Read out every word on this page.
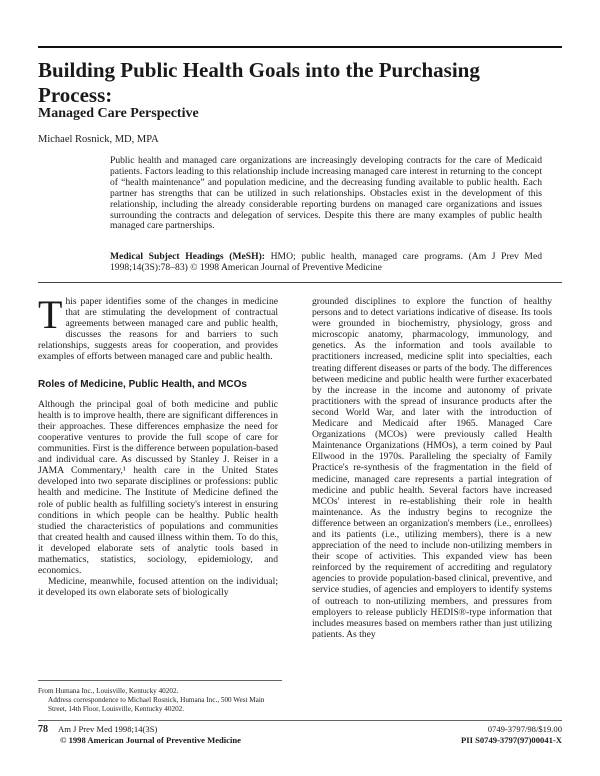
Building Public Health Goals into the Purchasing Process:
Managed Care Perspective
Michael Rosnick, MD, MPA

Public health and managed care organizations are increasingly developing contracts for the care of Medicaid patients. Factors leading to this relationship include increasing managed care interest in returning to the concept of “health maintenance” and population medicine, and the decreasing funding available to public health. Each partner has strengths that can be utilized in such relationships. Obstacles exist in the development of this relationship, including the already considerable reporting burdens on managed care organizations and issues surrounding the contracts and delegation of services. Despite this there are many examples of public health managed care partnerships.

Medical Subject Headings (MeSH): HMO; public health, managed care programs. (Am J Prev Med 1998;14(3S):78–83) © 1998 American Journal of Preventive Medicine

This paper identifies some of the changes in medicine that are stimulating the development of contractual agreements between managed care and public health, discusses the reasons for and barriers to such relationships, suggests areas for cooperation, and provides examples of efforts between managed care and public health.

Roles of Medicine, Public Health, and MCOs

Although the principal goal of both medicine and public health is to improve health, there are significant differences in their approaches. These differences emphasize the need for cooperative ventures to provide the full scope of care for communities. First is the difference between population-based and individual care. As discussed by Stanley J. Reiser in a JAMA Commentary,¹ health care in the United States developed into two separate disciplines or professions: public health and medicine. The Institute of Medicine defined the role of public health as fulfilling society's interest in ensuring conditions in which people can be healthy. Public health studied the characteristics of populations and communities that created health and caused illness within them. To do this, it developed elaborate sets of analytic tools based in mathematics, statistics, sociology, epidemiology, and economics.

Medicine, meanwhile, focused attention on the individual; it developed its own elaborate sets of biologically

grounded disciplines to explore the function of healthy persons and to detect variations indicative of disease. Its tools were grounded in biochemistry, physiology, gross and microscopic anatomy, pharmacology, immunology, and genetics. As the information and tools available to practitioners increased, medicine split into specialties, each treating different diseases or parts of the body. The differences between medicine and public health were further exacerbated by the increase in the income and autonomy of private practitioners with the spread of insurance products after the second World War, and later with the introduction of Medicare and Medicaid after 1965. Managed Care Organizations (MCOs) were previously called Health Maintenance Organizations (HMOs), a term coined by Paul Ellwood in the 1970s. Paralleling the specialty of Family Practice's re-synthesis of the fragmentation in the field of medicine, managed care represents a partial integration of medicine and public health. Several factors have increased MCOs' interest in re-establishing their role in health maintenance. As the industry begins to recognize the difference between an organization's members (i.e., enrollees) and its patients (i.e., utilizing members), there is a new appreciation of the need to include non-utilizing members in their scope of activities. This expanded view has been reinforced by the requirement of accrediting and regulatory agencies to provide population-based clinical, preventive, and service studies, of agencies and employers to identify systems of outreach to non-utilizing members, and pressures from employers to release publicly HEDIS®-type information that includes measures based on members rather than just utilizing patients. As they

From Humana Inc., Louisville, Kentucky 40202.

Address correspondence to Michael Rosnick, Humana Inc., 500 West Main Street, 14th Floor, Louisville, Kentucky 40202.

78 Am J Prev Med 1998;14(3S)
© 1998 American Journal of Preventive Medicine
0749-3797/98/$19.00
PII S0749-3797(97)00041-X
